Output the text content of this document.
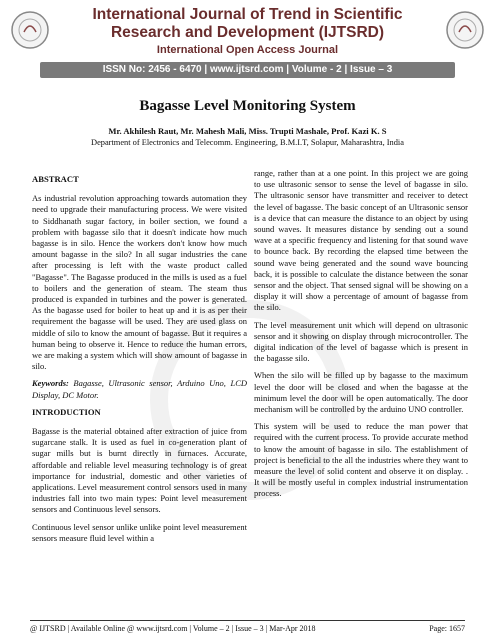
International Journal of Trend in Scientific
Research and Development (IJTSRD)
International Open Access Journal
ISSN No: 2456 - 6470 | www.ijtsrd.com | Volume - 2 | Issue – 3
Bagasse Level Monitoring System
Mr. Akhilesh Raut, Mr. Mahesh Mali, Miss. Trupti Mashale, Prof. Kazi K. S
Department of Electronics and Telecomm. Engineering, B.M.I.T, Solapur, Maharashtra, India
ABSTRACT

As industrial revolution approaching towards automation they need to upgrade their manufacturing process. We were visited to Siddhanath sugar factory, in boiler section, we found a problem with bagasse silo that it doesn't indicate how much bagasse is in silo. Hence the workers don't know how much amount bagasse in the silo? In all sugar industries the cane after processing is left with the waste product called "Bagasse". The Bagasse produced in the mills is used as a fuel to boilers and the generation of steam. The steam thus produced is expanded in turbines and the power is generated. As the bagasse used for boiler to heat up and it is as per their requirement the bagasse will be used. They are used glass on middle of silo to know the amount of bagasse. But it requires a human being to observe it. Hence to reduce the human errors, we are making a system which will show amount of bagasse in silo.

Keywords: Bagasse, Ultrasonic sensor, Arduino Uno, LCD Display, DC Motor.

INTRODUCTION

Bagasse is the material obtained after extraction of juice from sugarcane stalk. It is used as fuel in co-generation plant of sugar mills but is burnt directly in furnaces. Accurate, affordable and reliable level measuring technology is of great importance for industrial, domestic and other varieties of applications. Level measurement control sensors used in many industries fall into two main types: Point level measurement sensors and Continuous level sensors.

Continuous level sensor unlike unlike point level measurement sensors measure fluid level within a

range, rather than at a one point. In this project we are going to use ultrasonic sensor to sense the level of bagasse in silo. The ultrasonic sensor have transmitter and receiver to detect the level of bagasse. The basic concept of an Ultrasonic sensor is a device that can measure the distance to an object by using sound waves. It measures distance by sending out a sound wave at a specific frequency and listening for that sound wave to bounce back. By recording the elapsed time between the sound wave being generated and the sound wave bouncing back, it is possible to calculate the distance between the sonar sensor and the object. That sensed signal will be showing on a display it will show a percentage of amount of bagasse from the silo.

The level measurement unit which will depend on ultrasonic sensor and it showing on display through microcontroller. The digital indication of the level of bagasse which is present in the bagasse silo.

When the silo will be filled up by bagasse to the maximum level the door will be closed and when the bagasse at the minimum level the door will be open automatically. The door mechanism will be controlled by the arduino UNO controller.

This system will be used to reduce the man power that required with the current process. To provide accurate method to know the amount of bagasse in silo. The establishment of project is beneficial to the all the industries where they want to measure the level of solid content and observe it on display. . It will be mostly useful in complex industrial instrumentation process.

@ IJTSRD | Available Online @ www.ijtsrd.com | Volume – 2 | Issue – 3 | Mar-Apr 2018	Page: 1657
